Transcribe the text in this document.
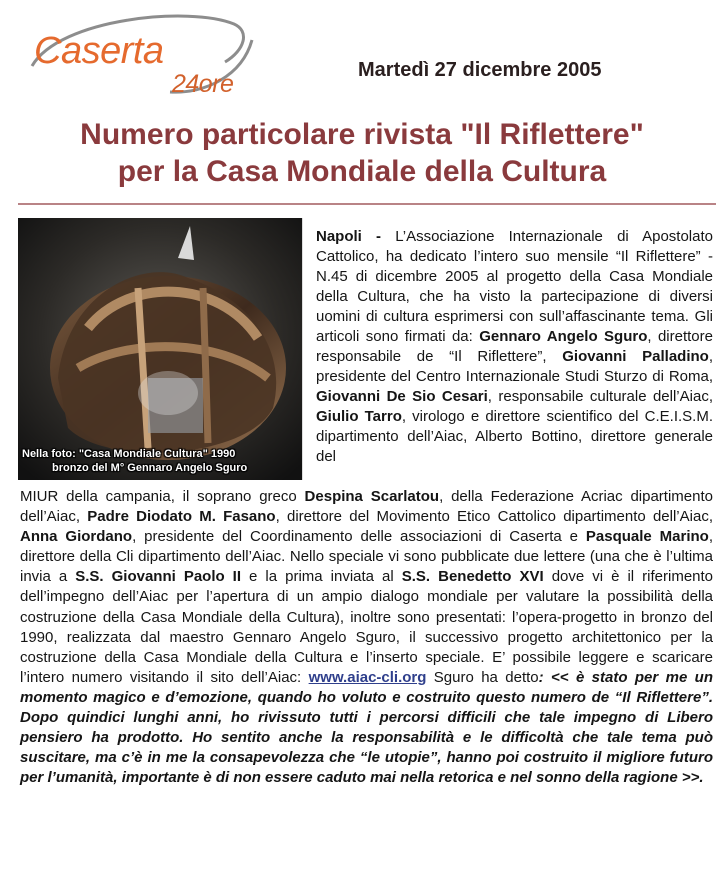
Caserta
24ore	Martedì 27 dicembre 2005
Numero particolare rivista "Il Riflettere"
per la Casa Mondiale della Cultura
Nella foto: "Casa Mondiale Cultura" 1990
bronzo del M° Gennaro Angelo Sguro
Napoli - L’Associazione Internazionale di Apostolato Cattolico, ha dedicato l’intero suo mensile “Il Riflettere” - N.45 di dicembre 2005 al progetto della Casa Mondiale della Cultura, che ha visto la partecipazione di diversi uomini di cultura esprimersi con sull’affascinante tema. Gli articoli sono firmati da: Gennaro Angelo Sguro, direttore responsabile de “Il Riflettere”, Giovanni Palladino, presidente del Centro Internazionale Studi Sturzo di Roma, Giovanni De Sio Cesari, responsabile culturale dell’Aiac, Giulio Tarro, virologo e direttore scientifico del C.E.I.S.M. dipartimento dell’Aiac, Alberto Bottino, direttore generale del
MIUR della campania, il soprano greco Despina Scarlatou, della Federazione Acriac dipartimento dell’Aiac, Padre Diodato M. Fasano, direttore del Movimento Etico Cattolico dipartimento dell’Aiac, Anna Giordano, presidente del Coordinamento delle associazioni di Caserta e Pasquale Marino, direttore della Cli dipartimento dell’Aiac. Nello speciale vi sono pubblicate due lettere (una che è l’ultima invia a S.S. Giovanni Paolo II e la prima inviata al S.S. Benedetto XVI dove vi è il riferimento dell’impegno dell’Aiac per l’apertura di un ampio dialogo mondiale per valutare la possibilità della costruzione della Casa Mondiale della Cultura), inoltre sono presentati: l’opera-progetto in bronzo del 1990, realizzata dal maestro Gennaro Angelo Sguro, il successivo progetto architettonico per la costruzione della Casa Mondiale della Cultura e l’inserto speciale. E’ possibile leggere e scaricare l’intero numero visitando il sito dell’Aiac: www.aiac-cli.org Sguro ha detto: << è stato per me un momento magico e d’emozione, quando ho voluto e costruito questo numero de “Il Riflettere”. Dopo quindici lunghi anni, ho rivissuto tutti i percorsi difficili che tale impegno di Libero pensiero ha prodotto. Ho sentito anche la responsabilità e le difficoltà che tale tema può suscitare, ma c’è in me la consapevolezza che “le utopie”, hanno poi costruito il migliore futuro per l’umanità, importante è di non essere caduto mai nella retorica e nel sonno della ragione >>.
